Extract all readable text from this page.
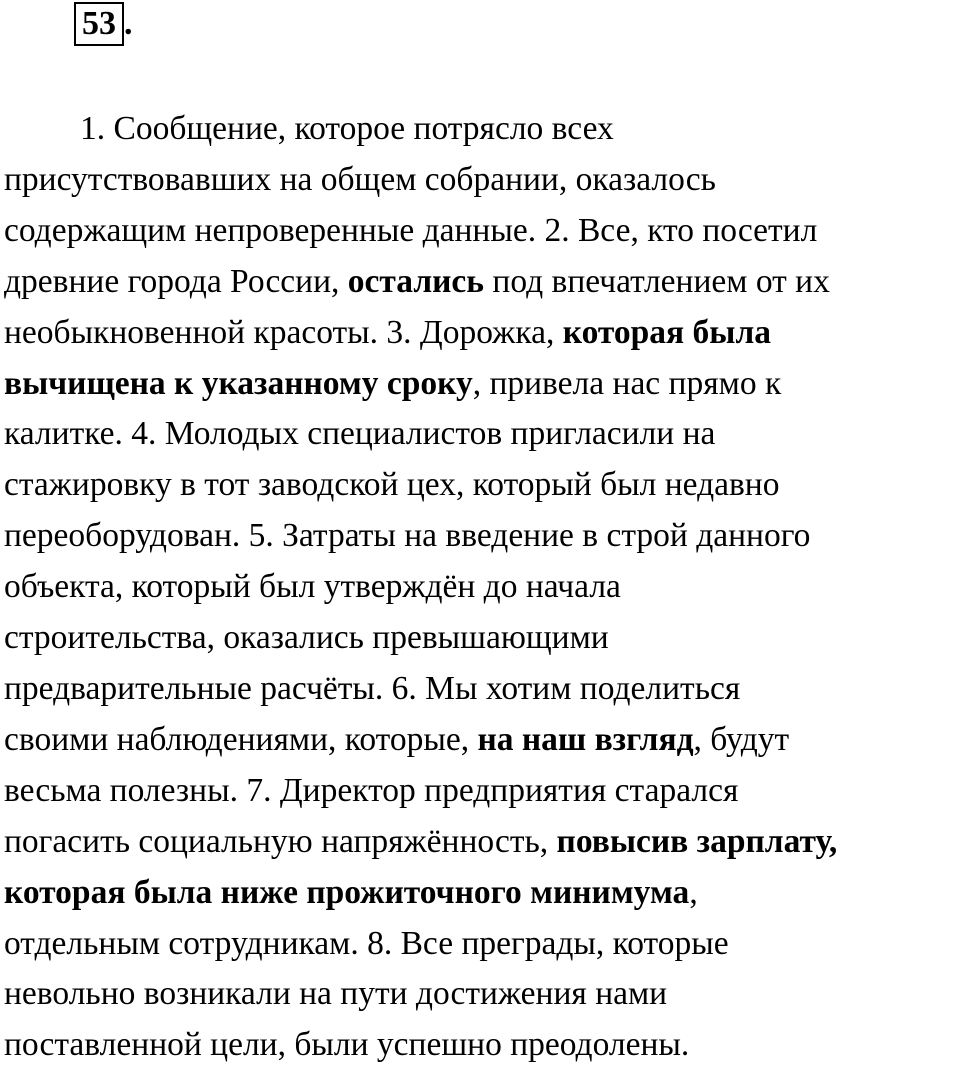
53 .
1. Сообщение, которое потрясло всех
присутствовавших на общем собрании, оказалось
содержащим непроверенные данные. 2. Все, кто посетил
древние города России, остались под впечатлением от их
необыкновенной красоты. 3. Дорожка, которая была
вычищена к указанному сроку, привела нас прямо к
калитке. 4. Молодых специалистов пригласили на
стажировку в тот заводской цех, который был недавно
переоборудован. 5. Затраты на введение в строй данного
объекта, который был утверждён до начала
строительства, оказались превышающими
предварительные расчёты. 6. Мы хотим поделиться
своими наблюдениями, которые, на наш взгляд, будут
весьма полезны. 7. Директор предприятия старался
погасить социальную напряжённость, повысив зарплату,
которая была ниже прожиточного минимума,
отдельным сотрудникам. 8. Все преграды, которые
невольно возникали на пути достижения нами
поставленной цели, были успешно преодолены.
